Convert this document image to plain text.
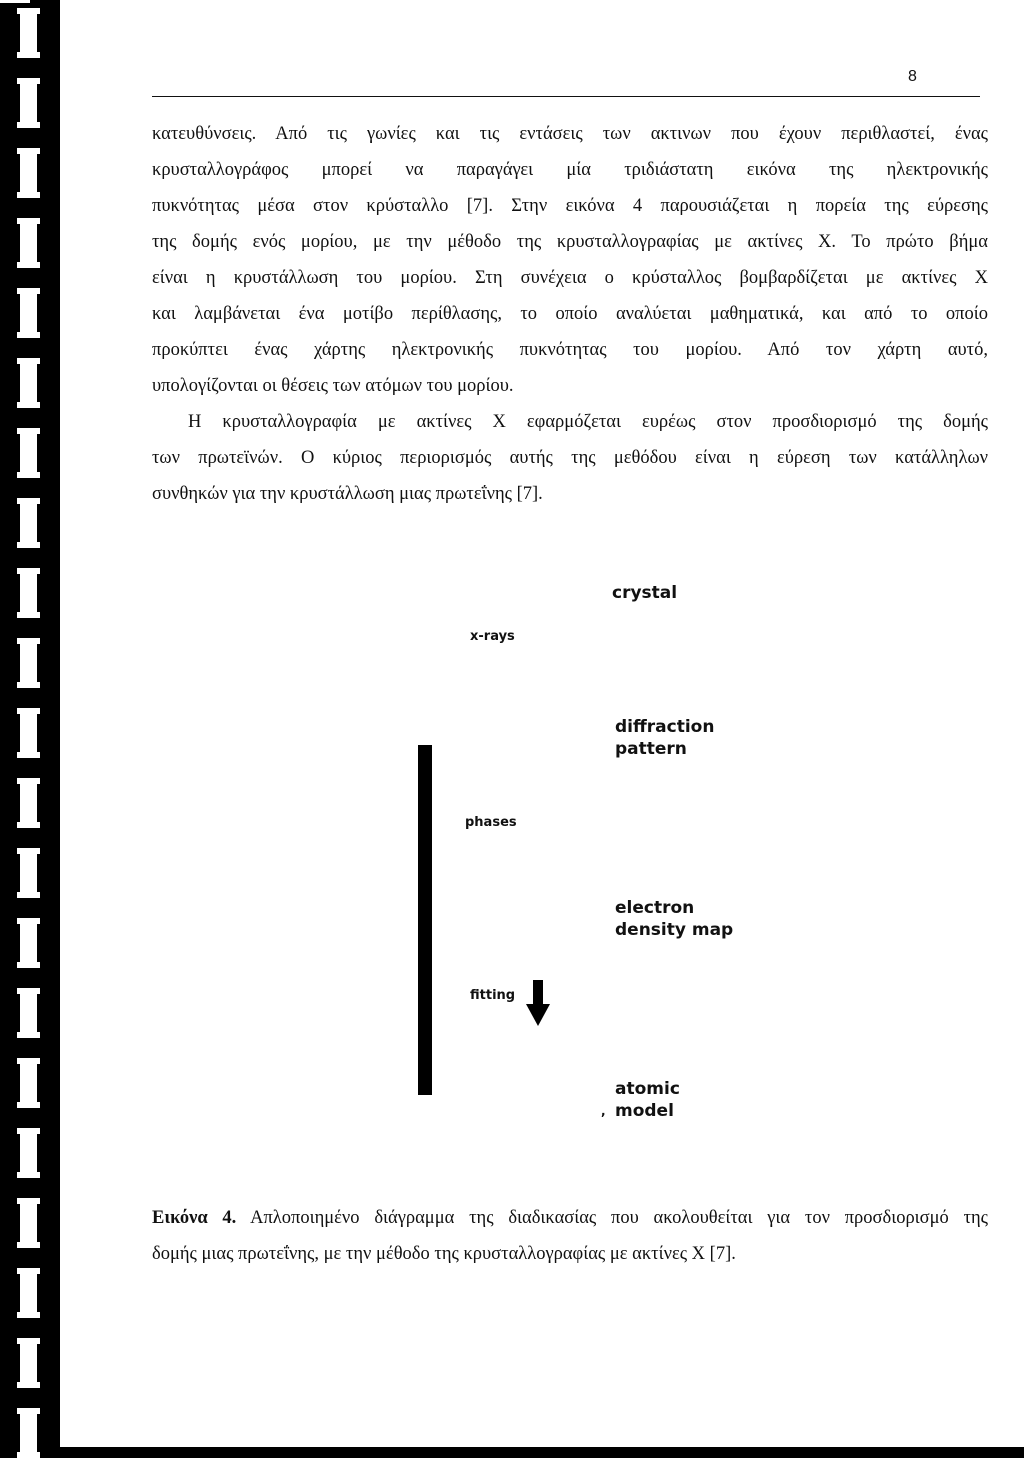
8
κατευθύνσεις. Από τις γωνίες και τις εντάσεις των ακτινων που έχουν περιθλαστεί, ένας
κρυσταλλογράφος μπορεί να παραγάγει μία τριδιάστατη εικόνα της ηλεκτρονικής
πυκνότητας μέσα στον κρύσταλλο [7]. Στην εικόνα 4 παρουσιάζεται η πορεία της εύρεσης
της δομής ενός μορίου, με την μέθοδο της κρυσταλλογραφίας με ακτίνες Χ. Το πρώτο βήμα
είναι η κρυστάλλωση του μορίου. Στη συνέχεια ο κρύσταλλος βομβαρδίζεται με ακτίνες Χ
και λαμβάνεται ένα μοτίβο περίθλασης, το οποίο αναλύεται μαθηματικά, και από το οποίο
προκύπτει ένας χάρτης ηλεκτρονικής πυκνότητας του μορίου. Από τον χάρτη αυτό,
υπολογίζονται οι θέσεις των ατόμων του μορίου.
Η κρυσταλλογραφία με ακτίνες Χ εφαρμόζεται ευρέως στον προσδιορισμό της δομής
των πρωτεϊνών. Ο κύριος περιορισμός αυτής της μεθόδου είναι η εύρεση των κατάλληλων
συνθηκών για την κρυστάλλωση μιας πρωτεΐνης [7].
crystal
x-rays
diffraction
pattern
phases
electron
density map
fitting
,
atomic
model
Εικόνα 4. Απλοποιημένο διάγραμμα της διαδικασίας που ακολουθείται για τον προσδιορισμό της
δομής μιας πρωτεΐνης, με την μέθοδο της κρυσταλλογραφίας με ακτίνες Χ [7].
